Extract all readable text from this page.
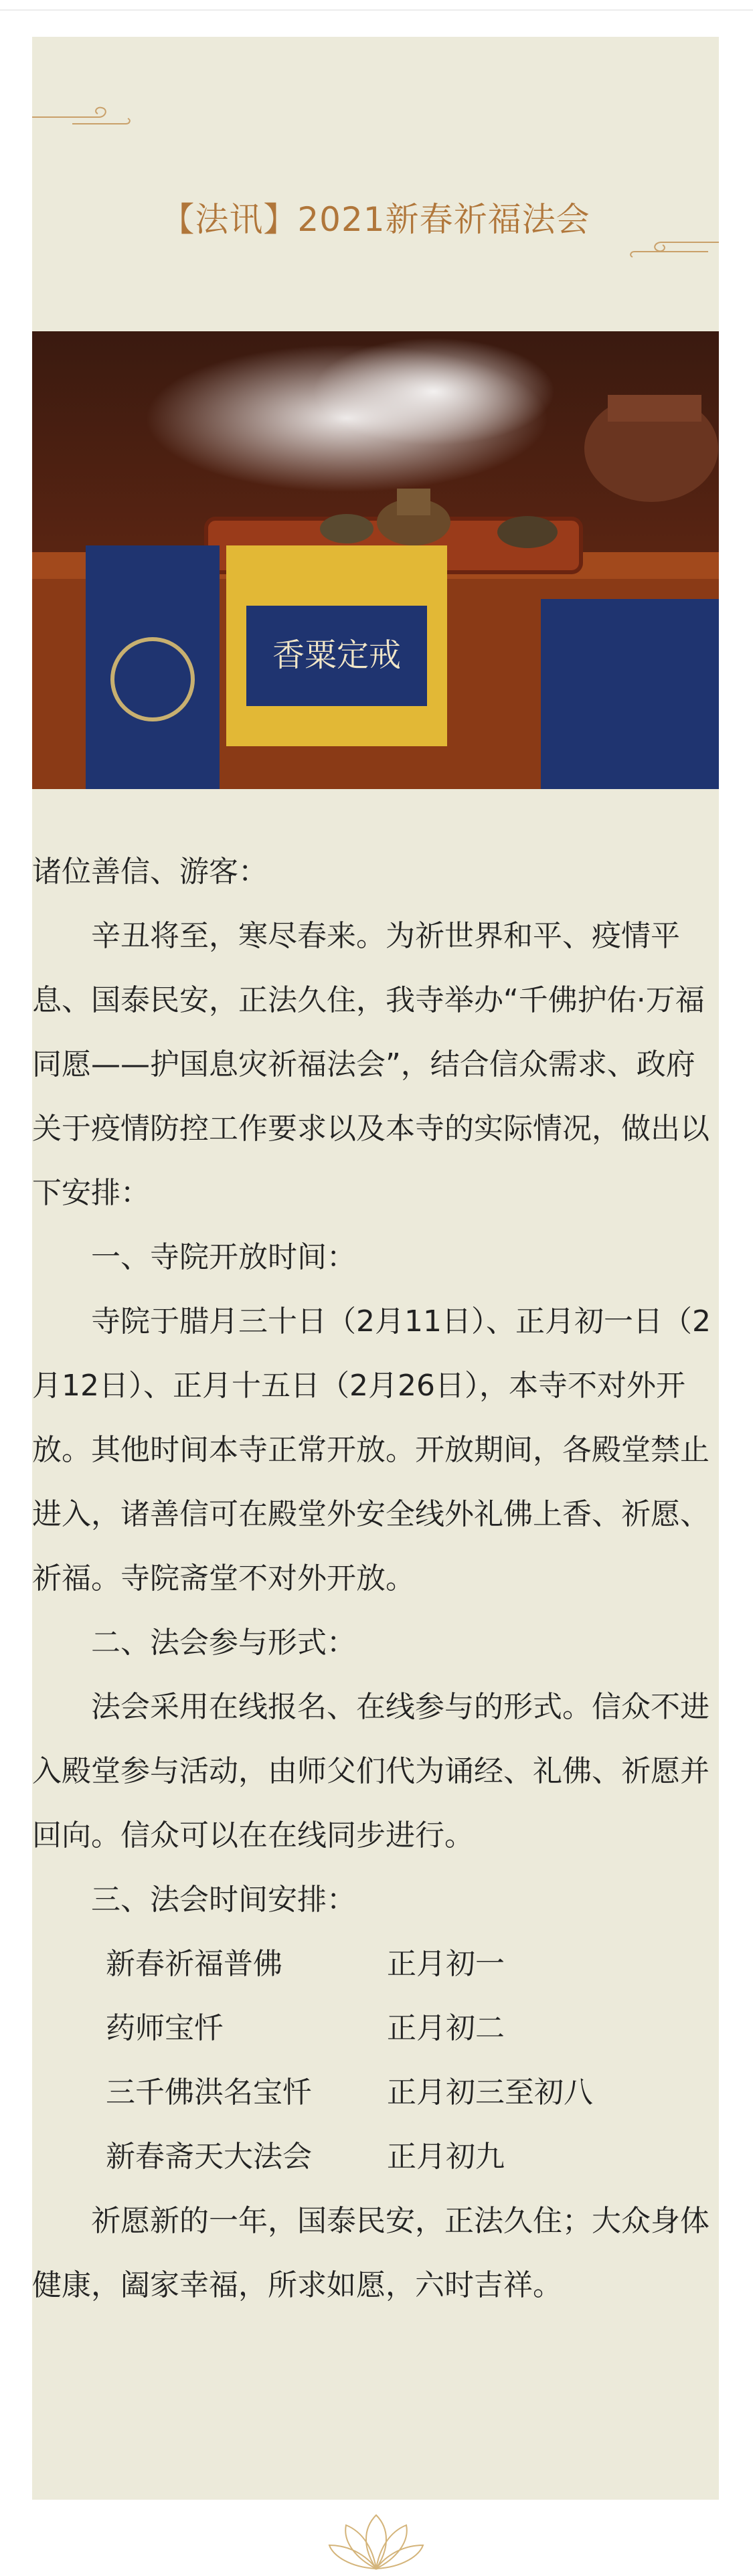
【法讯】2021新春祈福法会
香粟定戒

诸位善信、游客：

辛丑将至，寒尽春来。为祈世界和平、疫情平息、国泰民安，正法久住，我寺举办“千佛护佑·万福同愿——护国息灾祈福法会”，结合信众需求、政府关于疫情防控工作要求以及本寺的实际情况，做出以下安排：

一、寺院开放时间：

寺院于腊月三十日（2月11日）、正月初一日（2月12日）、正月十五日（2月26日），本寺不对外开放。其他时间本寺正常开放。开放期间，各殿堂禁止进入，诸善信可在殿堂外安全线外礼佛上香、祈愿、祈福。寺院斋堂不对外开放。

二、法会参与形式：

法会采用在线报名、在线参与的形式。信众不进入殿堂参与活动，由师父们代为诵经、礼佛、祈愿并回向。信众可以在在线同步进行。

三、法会时间安排：

新春祈福普佛	正月初一
药师宝忏	正月初二
三千佛洪名宝忏	正月初三至初八
新春斋天大法会	正月初九

祈愿新的一年，国泰民安，正法久住；大众身体健康，阖家幸福，所求如愿，六时吉祥。
